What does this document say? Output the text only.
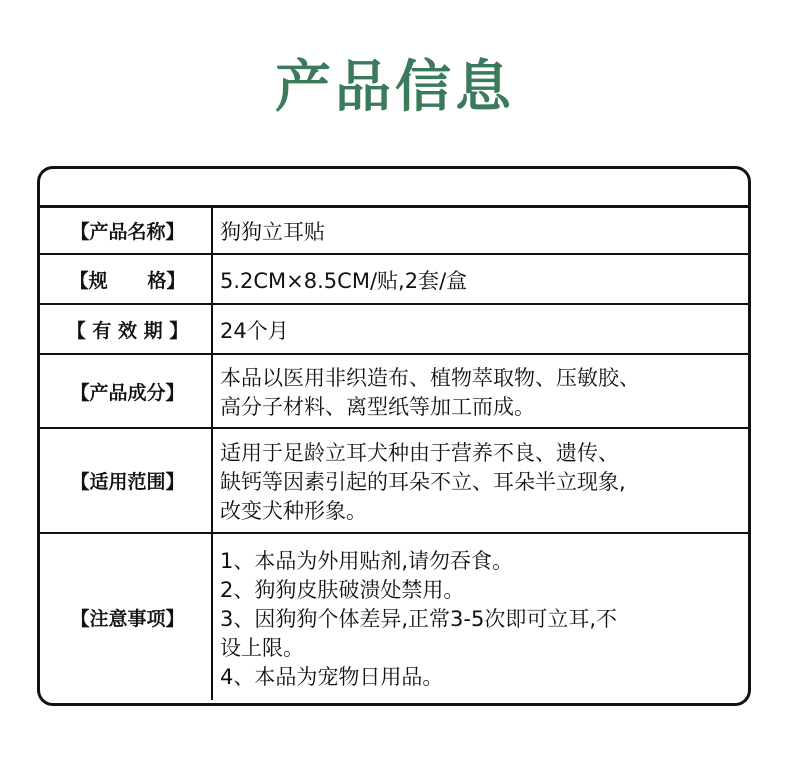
产品信息
【产品名称】	狗狗立耳贴
【规      格】	5.2CM×8.5CM/贴,2套/盒
【 有 效 期 】	24个月
【产品成分】
本品以医用非织造布、植物萃取物、压敏胶、
高分子材料、离型纸等加工而成。
【适用范围】
适用于足龄立耳犬种由于营养不良、遗传、
缺钙等因素引起的耳朵不立、耳朵半立现象,
改变犬种形象。
【注意事项】
1、本品为外用贴剂,请勿吞食。
2、狗狗皮肤破溃处禁用。
3、因狗狗个体差异,正常3-5次即可立耳,不
设上限。
4、本品为宠物日用品。
